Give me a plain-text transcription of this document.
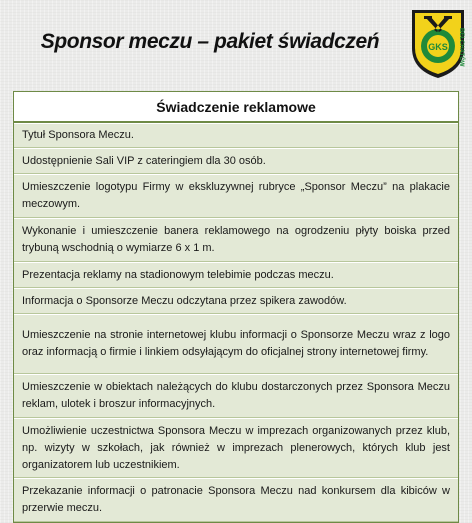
Sponsor meczu – pakiet świadczeń	GKS BEŁCHATÓW
Świadczenie reklamowe
Tytuł Sponsora Meczu.
Udostępnienie Sali VIP z cateringiem dla 30 osób.
Umieszczenie logotypu Firmy w ekskluzywnej rubryce „Sponsor Meczu” na plakacie meczowym.
Wykonanie i umieszczenie banera reklamowego na ogrodzeniu płyty boiska przed trybuną wschodnią o wymiarze 6 x 1 m.
Prezentacja reklamy na stadionowym telebimie podczas meczu.
Informacja o Sponsorze Meczu odczytana przez spikera zawodów.
Umieszczenie na stronie internetowej klubu informacji o Sponsorze Meczu wraz z logo oraz informacją o firmie i linkiem odsyłającym do oficjalnej strony internetowej firmy.
Umieszczenie w obiektach należących do klubu dostarczonych przez Sponsora Meczu reklam, ulotek i broszur informacyjnych.
Umożliwienie uczestnictwa Sponsora Meczu w imprezach organizowanych przez klub, np. wizyty w szkołach, jak również w imprezach plenerowych, których klub jest organizatorem lub uczestnikiem.
Przekazanie informacji o patronacie Sponsora Meczu nad konkursem dla kibiców w przerwie meczu.
